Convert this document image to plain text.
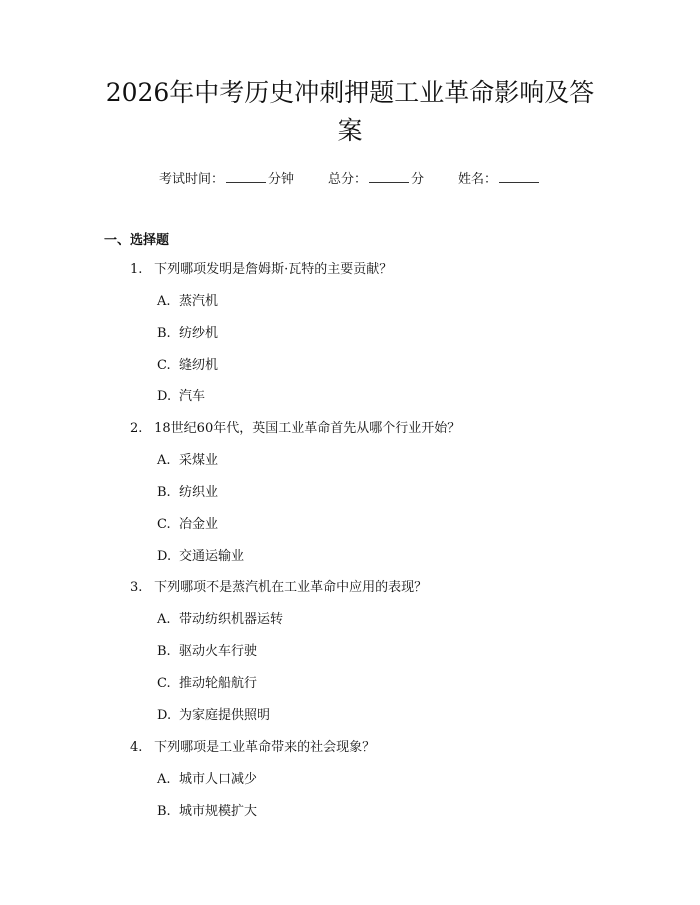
2026年中考历史冲刺押题工业革命影响及答
案
考试时间：	分钟	总分：	分	姓名：
一、选择题
1. 下列哪项发明是詹姆斯·瓦特的主要贡献？
A. 蒸汽机
B. 纺纱机
C. 缝纫机
D. 汽车
2. 18世纪60年代，英国工业革命首先从哪个行业开始？
A. 采煤业
B. 纺织业
C. 冶金业
D. 交通运输业
3. 下列哪项不是蒸汽机在工业革命中应用的表现？
A. 带动纺织机器运转
B. 驱动火车行驶
C. 推动轮船航行
D. 为家庭提供照明
4. 下列哪项是工业革命带来的社会现象？
A. 城市人口减少
B. 城市规模扩大
